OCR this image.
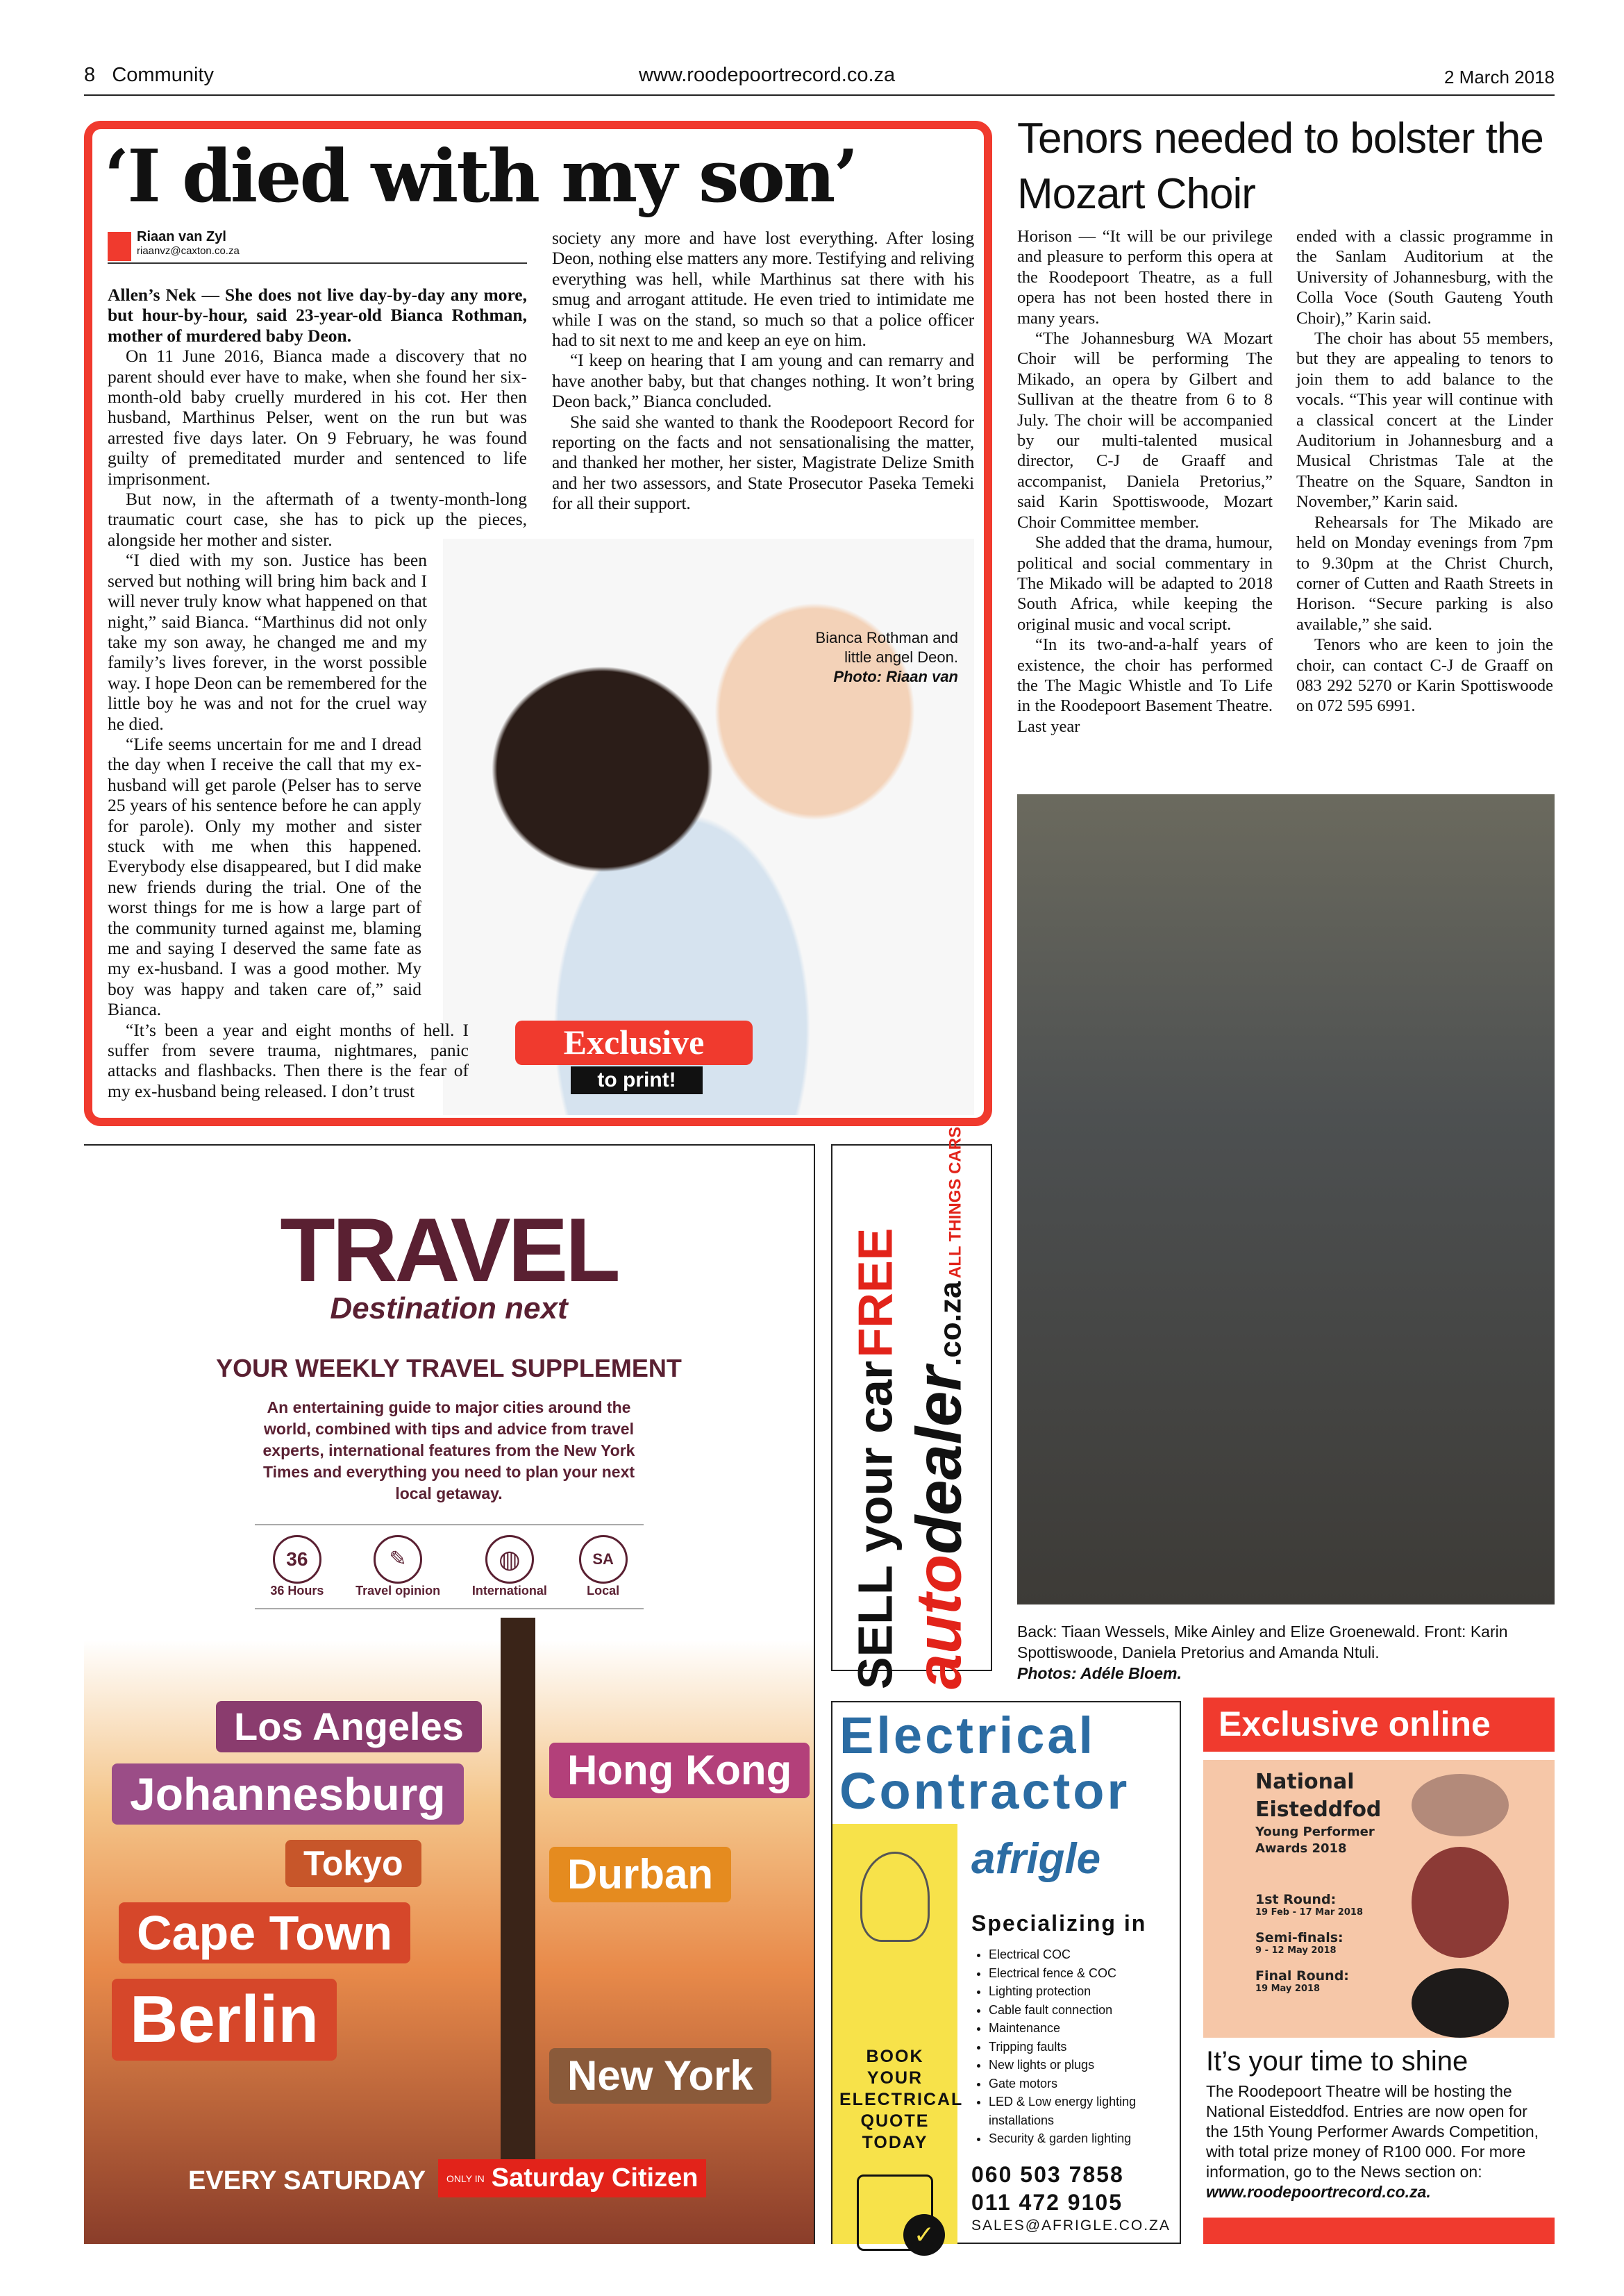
8 Community	www.roodepoortrecord.co.za	2 March 2018
‘I died with my son’
Riaan van Zyl
riaanvz@caxton.co.za

Allen’s Nek — She does not live day-by-day any more, but hour-by-hour, said 23-year-old Bianca Rothman, mother of murdered baby Deon.

On 11 June 2016, Bianca made a discovery that no parent should ever have to make, when she found her six-month-old baby cruelly murdered in his cot. Her then husband, Marthinus Pelser, went on the run but was arrested five days later. On 9 February, he was found guilty of premeditated murder and sentenced to life imprisonment.

But now, in the aftermath of a twenty-month-long traumatic court case, she has to pick up the pieces, alongside her mother and sister.

“I died with my son. Justice has been served but nothing will bring him back and I will never truly know what happened on that night,” said Bianca. “Marthinus did not only take my son away, he changed me and my family’s lives forever, in the worst possible way. I hope Deon can be remembered for the little boy he was and not for the cruel way he died.

“Life seems uncertain for me and I dread the day when I receive the call that my ex-husband will get parole (Pelser has to serve 25 years of his sentence before he can apply for parole). Only my mother and sister stuck with me when this happened. Everybody else disappeared, but I did make new friends during the trial. One of the worst things for me is how a large part of the community turned against me, blaming me and saying I deserved the same fate as my ex-husband. I was a good mother. My boy was happy and taken care of,” said Bianca.

“It’s been a year and eight months of hell. I suffer from severe trauma, nightmares, panic attacks and flashbacks. Then there is the fear of my ex-husband being released. I don’t trust

society any more and have lost everything. After losing Deon, nothing else matters any more. Testifying and reliving everything was hell, while Marthinus sat there with his smug and arrogant attitude. He even tried to intimidate me while I was on the stand, so much so that a police officer had to sit next to me and keep an eye on him.

“I keep on hearing that I am young and can remarry and have another baby, but that changes nothing. It won’t bring Deon back,” Bianca concluded.

She said she wanted to thank the Roodepoort Record for reporting on the facts and not sensationalising the matter, and thanked her mother, her sister, Magistrate Delize Smith and her two assessors, and State Prosecutor Paseka Temeki for all their support.

Bianca Rothman and little angel Deon. Photo: Riaan van
Exclusive
to print!
Tenors needed to bolster the Mozart Choir

Horison — “It will be our privilege and pleasure to perform this opera at the Roodepoort Theatre, as a full opera has not been hosted there in many years.

“The Johannesburg WA Mozart Choir will be performing The Mikado, an opera by Gilbert and Sullivan at the theatre from 6 to 8 July. The choir will be accompanied by our multi-talented musical director, C-J de Graaff and accompanist, Daniela Pretorius,” said Karin Spottiswoode, Mozart Choir Committee member.

She added that the drama, humour, political and social commentary in The Mikado will be adapted to 2018 South Africa, while keeping the original music and vocal script.

“In its two-and-a-half years of existence, the choir has performed the The Magic Whistle and To Life in the Roodepoort Basement Theatre. Last year

ended with a classic programme in the Sanlam Auditorium at the University of Johannesburg, with the Colla Voce (South Gauteng Youth Choir),” Karin said.

The choir has about 55 members, but they are appealing to tenors to join them to add balance to the vocals. “This year will continue with a classical concert at the Linder Auditorium in Johannesburg and a Musical Christmas Tale at the Theatre on the Square, Sandton in November,” Karin said.

Rehearsals for The Mikado are held on Monday evenings from 7pm to 9.30pm at the Christ Church, corner of Cutten and Raath Streets in Horison. “Secure parking is also available,” she said.

Tenors who are keen to join the choir, can contact C-J de Graaff on 083 292 5270 or Karin Spottiswoode on 072 595 6991.

Back: Tiaan Wessels, Mike Ainley and Elize Groenewald. Front: Karin Spottiswoode, Daniela Pretorius and Amanda Ntuli.
Photos: Adéle Bloem.
TRAVEL
Destination next
YOUR WEEKLY TRAVEL SUPPLEMENT
An entertaining guide to major cities around the world, combined with tips and advice from travel experts, international features from the New York Times and everything you need to plan your next local getaway.
36
36 Hours
✎
Travel opinion
◍
International
SA
Local
Los Angeles
Johannesburg	Hong Kong
Durban
Tokyo
Cape Town
Berlin
New York
EVERY SATURDAY ONLY IN Saturday Citizen
SELL your car FREE
autodealer.co.za ALL THINGS CARS
Electrical Contractor
BOOK YOUR ELECTRICAL QUOTE TODAY
✓
afrigle
Specializing in
• Electrical COC
• Electrical fence & COC
• Lighting protection
• Cable fault connection
• Maintenance
• Tripping faults
• New lights or plugs
• Gate motors
• LED & Low energy lighting installations
• Security & garden lighting
060 503 7858
011 472 9105
SALES@AFRIGLE.CO.ZA
Exclusive online
National
Eisteddfod
Young Performer
Awards 2018
1st Round:
19 Feb - 17 Mar 2018
Semi-finals:
9 - 12 May 2018
Final Round:
19 May 2018
It’s your time to shine
The Roodepoort Theatre will be hosting the National Eisteddfod. Entries are now open for the 15th Young Performer Awards Competition, with total prize money of R100 000. For more information, go to the News section on: www.roodepoortrecord.co.za.
